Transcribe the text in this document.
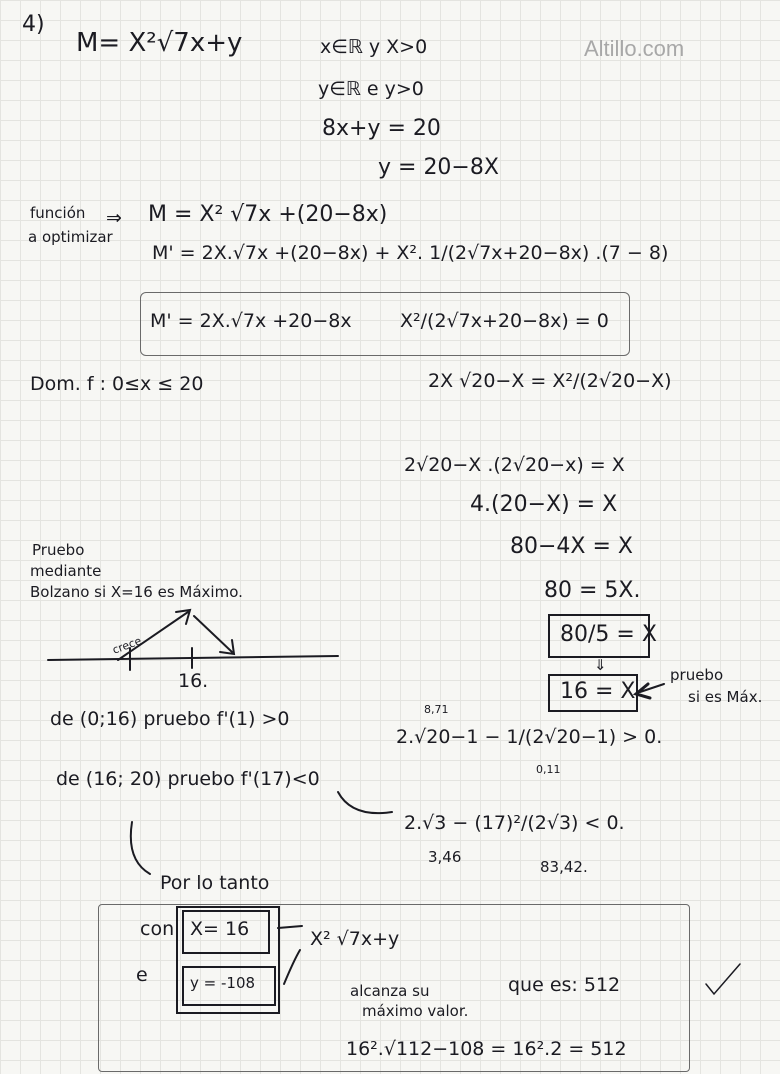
Altillo.com
4)
M= X²√7x+y	x∈ℝ y X>0
y∈ℝ e y>0
8x+y = 20
y = 20−8X
función
a optimizar
⇒ M = X² √7x +(20−8x)
M' = 2X.√7x +(20−8x) + X². 1/(2√7x+20−8x) .(7 − 8)
M' = 2X.√7x +20−8x	X²/(2√7x+20−8x) = 0
Dom. f : 0≤x ≤ 20	2X √20−X = X²/(2√20−X)
2√20−X .(2√20−x) = X
4.(20−X) = X
80−4X = X
80 = 5X.
80/5 = X
⇓
16 = X
pruebo
si es Máx.
Pruebo
mediante
Bolzano si X=16 es Máximo.
crece
16.
de (0;16) pruebo f'(1) >0	8,71
2.√20−1 − 1/(2√20−1) > 0.
0,11
de (16; 20) pruebo f'(17)<0
2.√3 − (17)²/(2√3) < 0.
3,46
83,42.
Por lo tanto
con X= 16
e	y = -108
X² √7x+y
alcanza su
máximo valor.
que es: 512
16².√112−108 = 16².2 = 512
